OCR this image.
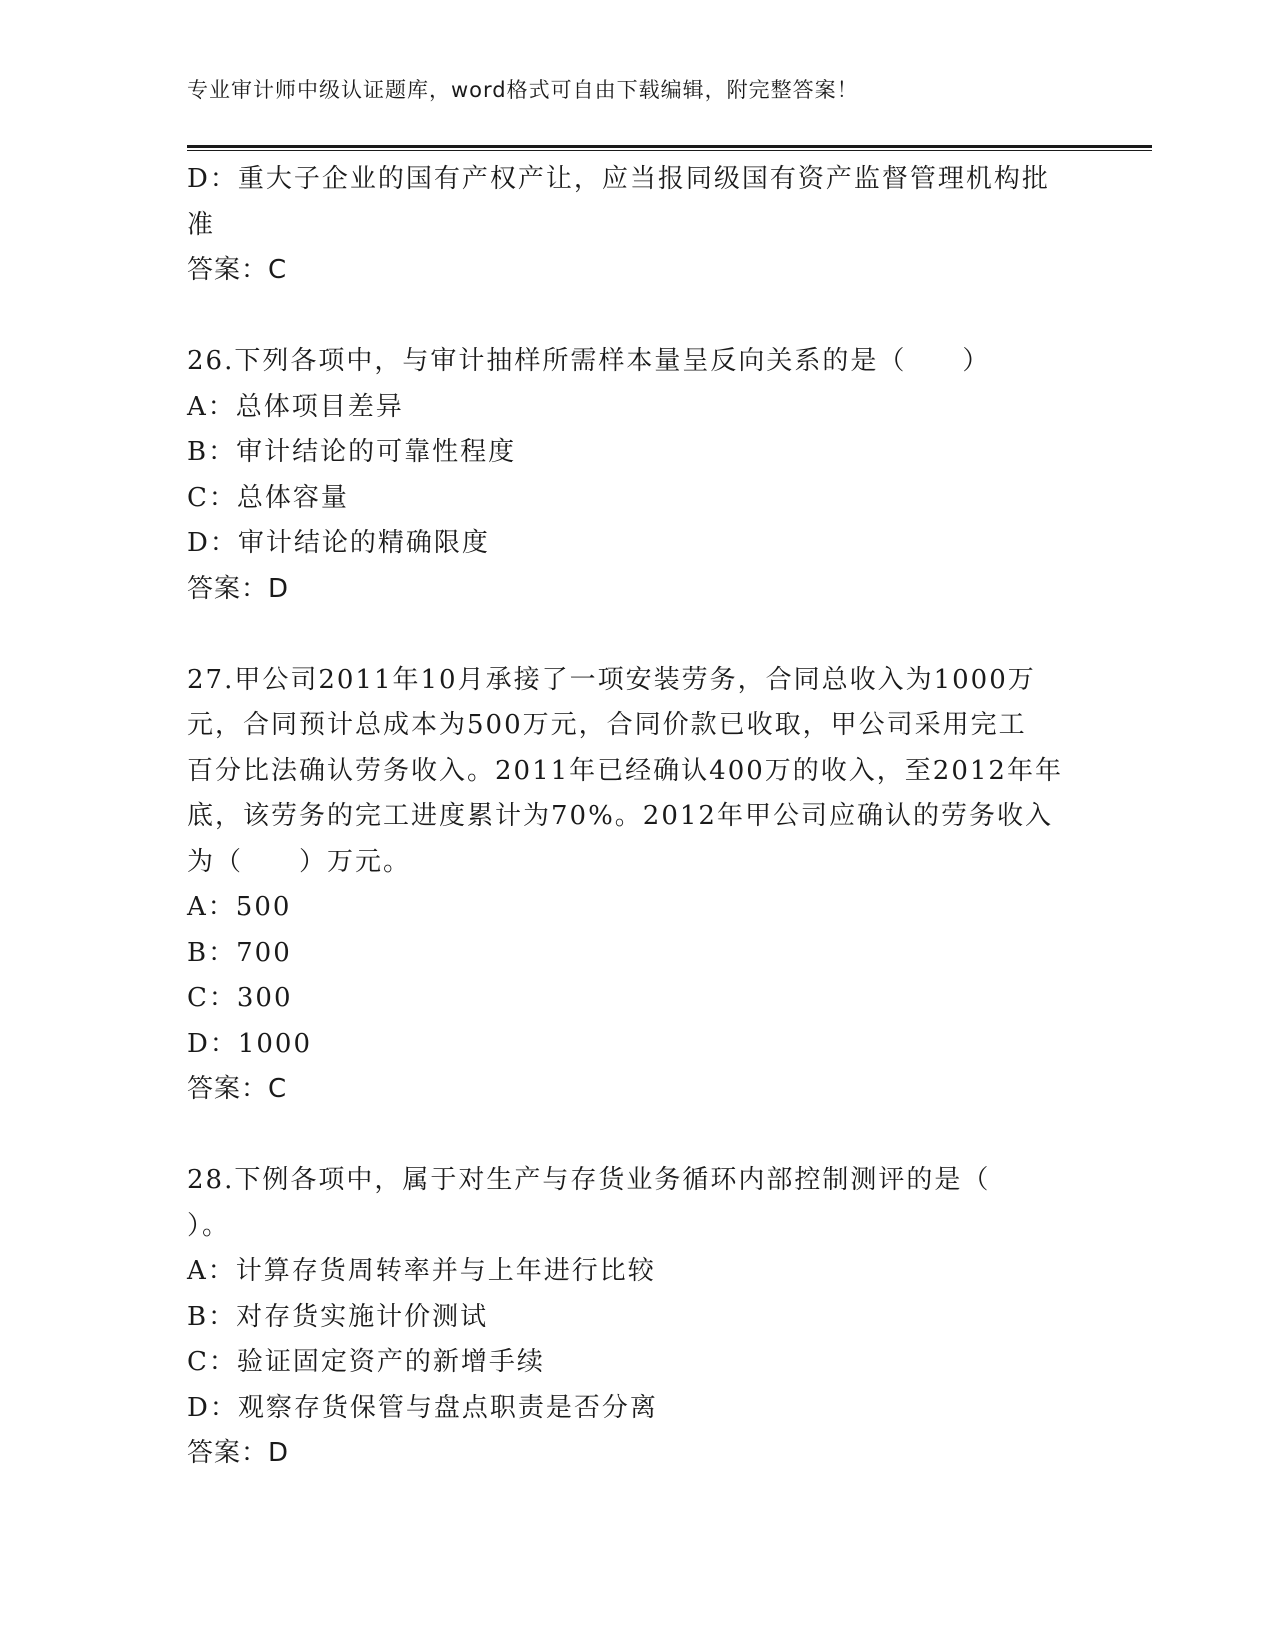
专业审计师中级认证题库，word格式可自由下载编辑，附完整答案！
D：重大子企业的国有产权产让，应当报同级国有资产监督管理机构批
准
答案：C
26.下列各项中，与审计抽样所需样本量呈反向关系的是（　　）
A：总体项目差异
B：审计结论的可靠性程度
C：总体容量
D：审计结论的精确限度
答案：D
27.甲公司2011年10月承接了一项安装劳务，合同总收入为1000万
元，合同预计总成本为500万元，合同价款已收取，甲公司采用完工
百分比法确认劳务收入。2011年已经确认400万的收入，至2012年年
底，该劳务的完工进度累计为70%。2012年甲公司应确认的劳务收入
为（　　）万元。
A：500
B：700
C：300
D：1000
答案：C
28.下例各项中，属于对生产与存货业务循环内部控制测评的是（
）。
A：计算存货周转率并与上年进行比较
B：对存货实施计价测试
C：验证固定资产的新增手续
D：观察存货保管与盘点职责是否分离
答案：D
